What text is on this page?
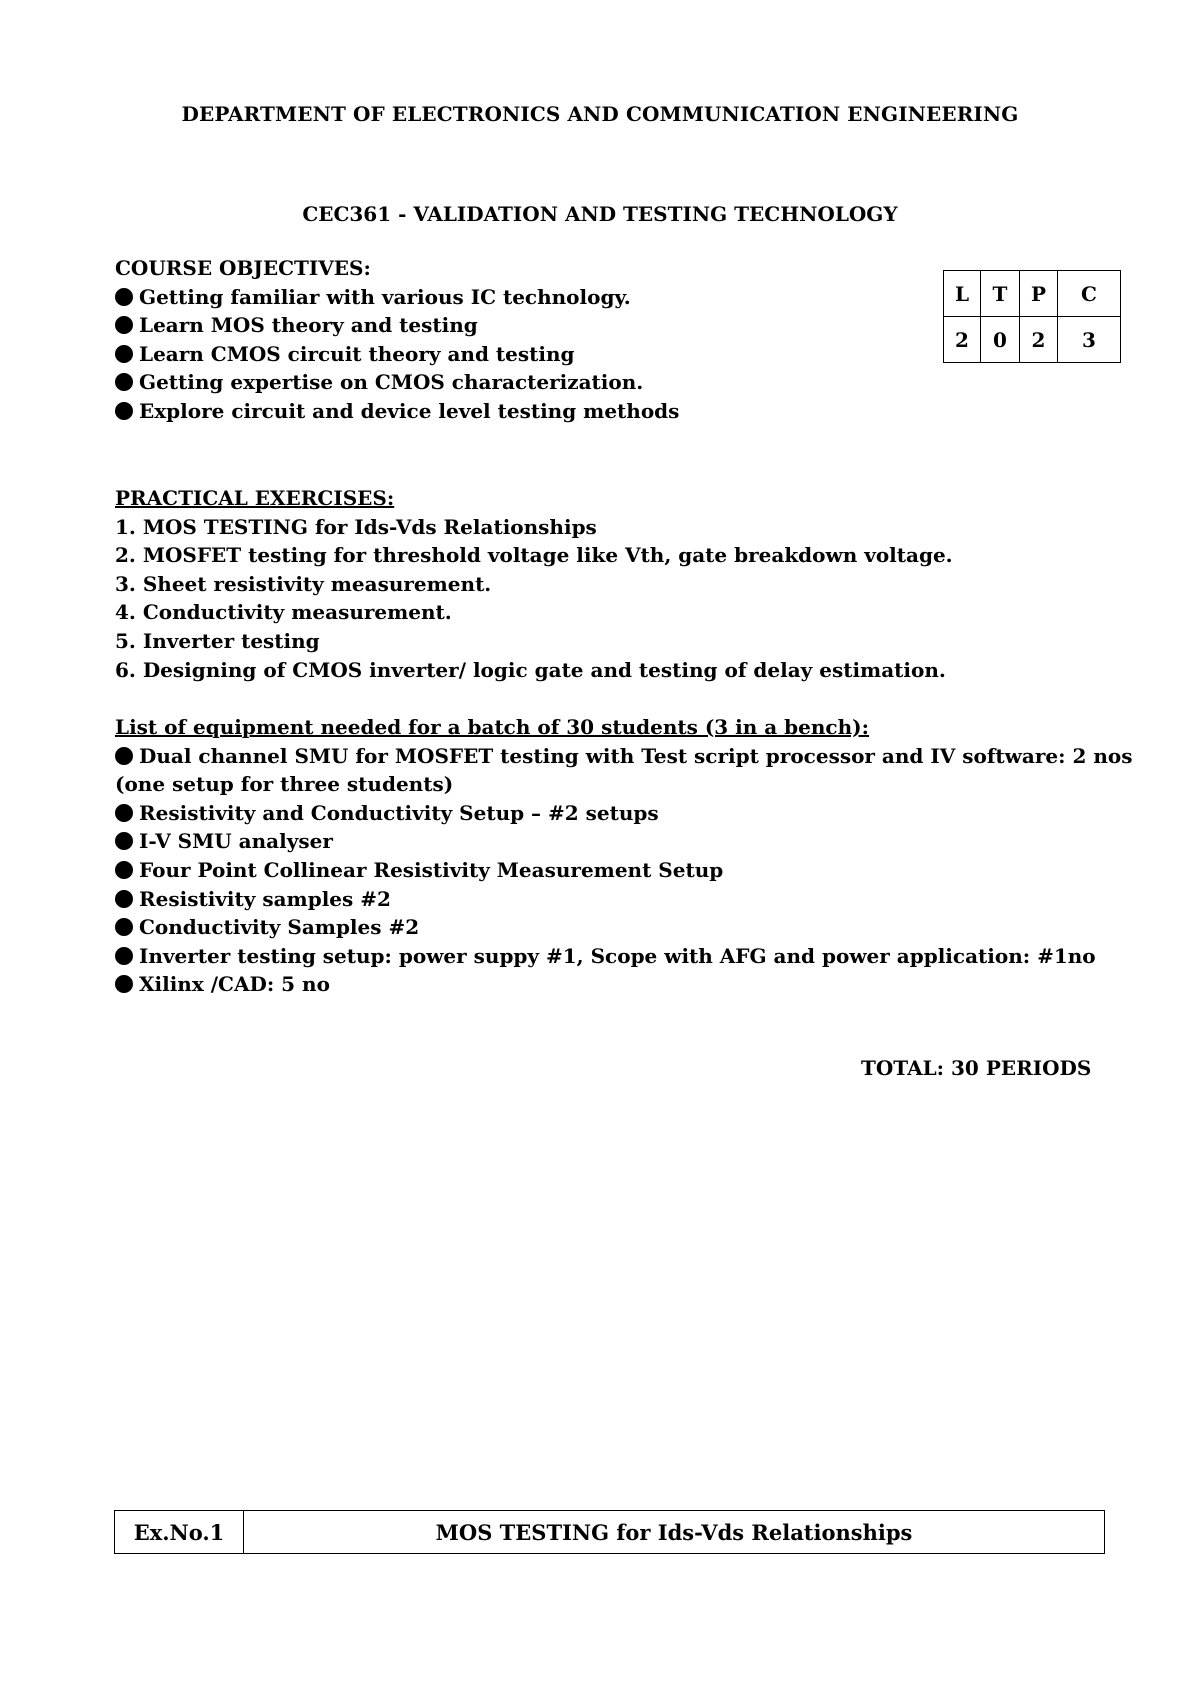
DEPARTMENT OF ELECTRONICS AND COMMUNICATION ENGINEERING
CEC361 - VALIDATION AND TESTING TECHNOLOGY
COURSE OBJECTIVES:
Getting familiar with various IC technology.
Learn MOS theory and testing
Learn CMOS circuit theory and testing
Getting expertise on CMOS characterization.
Explore circuit and device level testing methods
L	T	P	C
2	0	2	3
PRACTICAL EXERCISES:
1. MOS TESTING for Ids-Vds Relationships
2. MOSFET testing for threshold voltage like Vth, gate breakdown voltage.
3. Sheet resistivity measurement.
4. Conductivity measurement.
5. Inverter testing
6. Designing of CMOS inverter/ logic gate and testing of delay estimation.
List of equipment needed for a batch of 30 students (3 in a bench):
Dual channel SMU for MOSFET testing with Test script processor and IV software: 2 nos
(one setup for three students)
Resistivity and Conductivity Setup – #2 setups
I-V SMU analyser
Four Point Collinear Resistivity Measurement Setup
Resistivity samples #2
Conductivity Samples #2
Inverter testing setup: power suppy #1, Scope with AFG and power application: #1no
Xilinx /CAD: 5 no
TOTAL: 30 PERIODS
Ex.No.1	MOS TESTING for Ids-Vds Relationships
